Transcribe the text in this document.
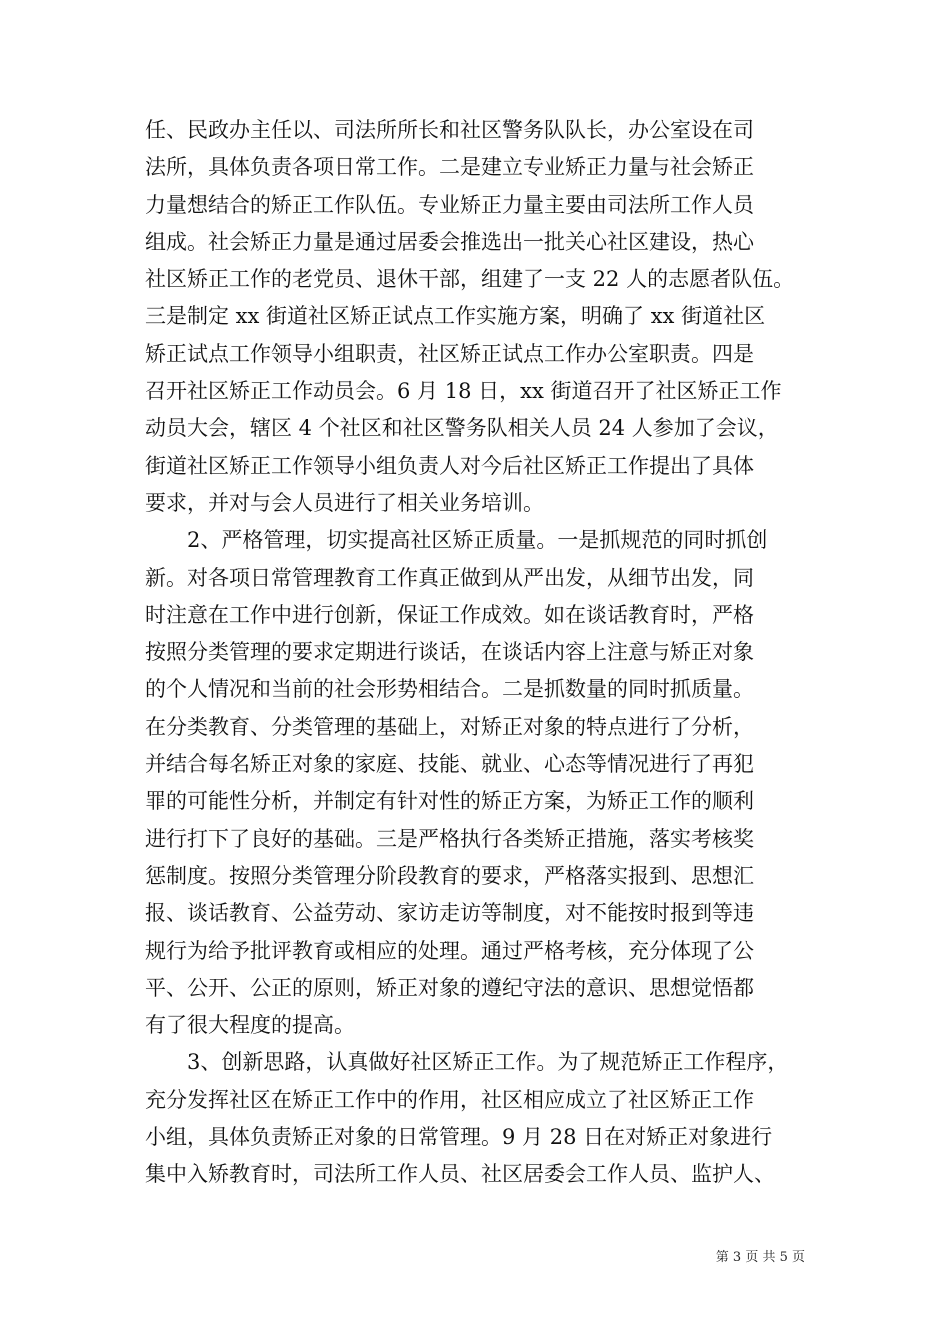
任、民政办主任以、司法所所长和社区警务队队长，办公室设在司
法所，具体负责各项日常工作。二是建立专业矫正力量与社会矫正
力量想结合的矫正工作队伍。专业矫正力量主要由司法所工作人员
组成。社会矫正力量是通过居委会推选出一批关心社区建设，热心
社区矫正工作的老党员、退休干部，组建了一支 22 人的志愿者队伍。
三是制定 xx 街道社区矫正试点工作实施方案，明确了 xx 街道社区
矫正试点工作领导小组职责，社区矫正试点工作办公室职责。四是
召开社区矫正工作动员会。6 月 18 日，xx 街道召开了社区矫正工作
动员大会，辖区 4 个社区和社区警务队相关人员 24 人参加了会议，
街道社区矫正工作领导小组负责人对今后社区矫正工作提出了具体
要求，并对与会人员进行了相关业务培训。
2、严格管理，切实提高社区矫正质量。一是抓规范的同时抓创
新。对各项日常管理教育工作真正做到从严出发，从细节出发，同
时注意在工作中进行创新，保证工作成效。如在谈话教育时，严格
按照分类管理的要求定期进行谈话，在谈话内容上注意与矫正对象
的个人情况和当前的社会形势相结合。二是抓数量的同时抓质量。
在分类教育、分类管理的基础上，对矫正对象的特点进行了分析，
并结合每名矫正对象的家庭、技能、就业、心态等情况进行了再犯
罪的可能性分析，并制定有针对性的矫正方案，为矫正工作的顺利
进行打下了良好的基础。三是严格执行各类矫正措施，落实考核奖
惩制度。按照分类管理分阶段教育的要求，严格落实报到、思想汇
报、谈话教育、公益劳动、家访走访等制度，对不能按时报到等违
规行为给予批评教育或相应的处理。通过严格考核，充分体现了公
平、公开、公正的原则，矫正对象的遵纪守法的意识、思想觉悟都
有了很大程度的提高。
3、创新思路，认真做好社区矫正工作。为了规范矫正工作程序，
充分发挥社区在矫正工作中的作用，社区相应成立了社区矫正工作
小组，具体负责矫正对象的日常管理。9 月 28 日在对矫正对象进行
集中入矫教育时，司法所工作人员、社区居委会工作人员、监护人、
第 3 页 共 5 页
